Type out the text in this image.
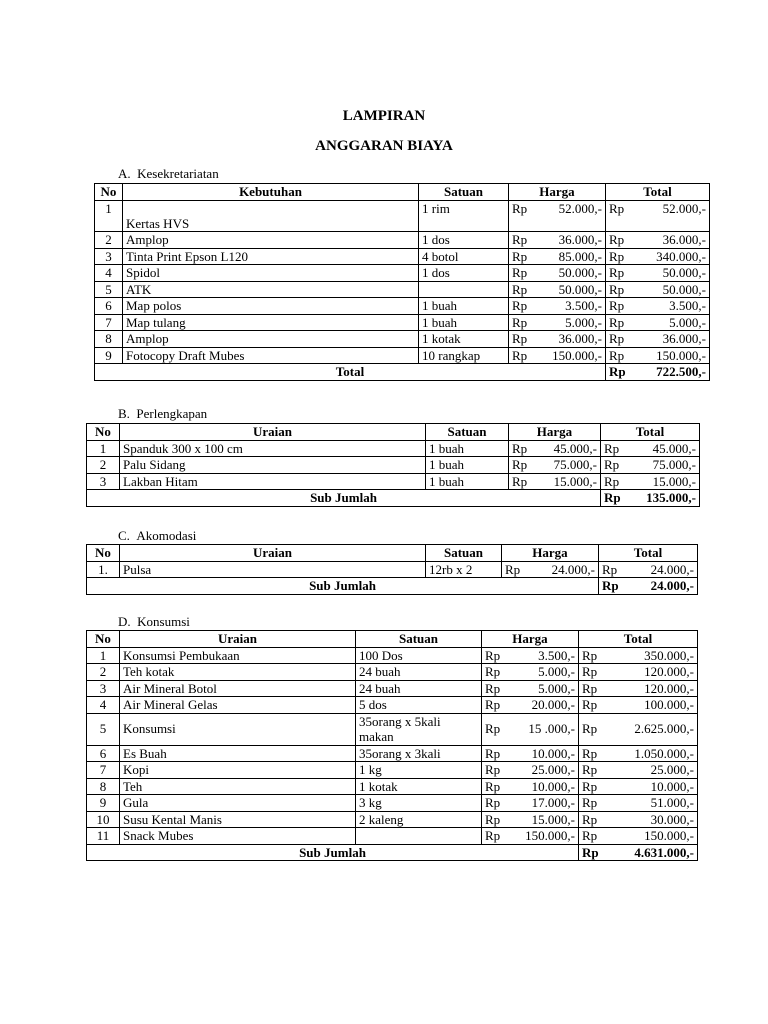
LAMPIRAN
ANGGARAN BIAYA
A.  Kesekretariatan
No	Kebutuhan	Satuan	Harga	Total
1	Kertas HVS	1 rim	Rp 52.000,-	Rp 52.000,-

2	Amplop	1 dos	Rp 36.000,-	Rp 36.000,-

3	Tinta Print Epson L120	4 botol	Rp 85.000,-	Rp 340.000,-

4	Spidol	1 dos	Rp 50.000,-	Rp 50.000,-

5	ATK		Rp 50.000,-	Rp 50.000,-

6	Map polos	1 buah	Rp 3.500,-	Rp 3.500,-

7	Map tulang	1 buah	Rp 5.000,-	Rp 5.000,-

8	Amplop	1 kotak	Rp 36.000,-	Rp 36.000,-

9	Fotocopy Draft Mubes	10 rangkap	Rp 150.000,-	Rp 150.000,-

Total				Rp 722.500,-
B.  Perlengkapan
No	Uraian	Satuan	Harga	Total
1	Spanduk 300 x 100 cm	1 buah	Rp 45.000,-	Rp 45.000,-

2	Palu Sidang	1 buah	Rp 75.000,-	Rp 75.000,-

3	Lakban Hitam	1 buah	Rp 15.000,-	Rp 15.000,-

Sub Jumlah				Rp 135.000,-
C.  Akomodasi
No	Uraian	Satuan	Harga	Total
1.	Pulsa	12rb x 2	Rp 24.000,-	Rp 24.000,-

Sub Jumlah				Rp 24.000,-
D.  Konsumsi
No	Uraian	Satuan	Harga	Total
1	Konsumsi Pembukaan	100 Dos	Rp 3.500,-	Rp 350.000,-

2	Teh kotak	24 buah	Rp 5.000,-	Rp 120.000,-

3	Air Mineral Botol	24 buah	Rp 5.000,-	Rp 120.000,-

4	Air Mineral Gelas	5 dos	Rp 20.000,-	Rp 100.000,-

5	Konsumsi	35orang x 5kali makan	Rp 15 .000,-	Rp 2.625.000,-

6	Es Buah	35orang x 3kali	Rp 10.000,-	Rp 1.050.000,-

7	Kopi	1 kg	Rp 25.000,-	Rp 25.000,-

8	Teh	1 kotak	Rp 10.000,-	Rp 10.000,-

9	Gula	3 kg	Rp 17.000,-	Rp 51.000,-

10	Susu Kental Manis	2 kaleng	Rp 15.000,-	Rp 30.000,-

11	Snack Mubes		Rp 150.000,-	Rp 150.000,-

Sub Jumlah				Rp 4.631.000,-
